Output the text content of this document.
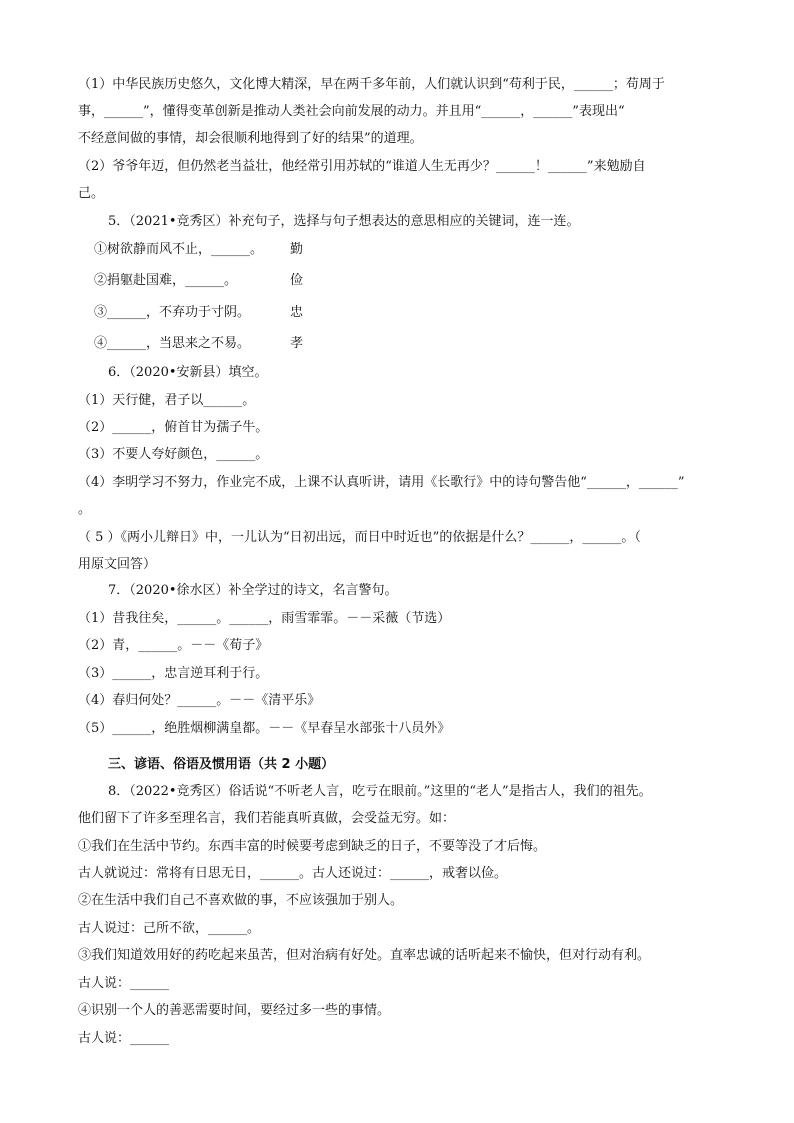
（1）中华民族历史悠久，文化博大精深，早在两千多年前，人们就认识到“苟利于民，______；苟周于
事，______”，懂得变革创新是推动人类社会向前发展的动力。并且用“______，______”表现出“
不经意间做的事情，却会很顺利地得到了好的结果”的道理。
（2）爷爷年迈，但仍然老当益壮，他经常引用苏轼的“谁道人生无再少？______！______”来勉励自
己。
5．（2021•竞秀区）补充句子，选择与句子想表达的意思相应的关键词，连一连。
①树欲静而风不止，______。 勤
②捐躯赴国难，______。	俭
③______，不弃功于寸阴。	忠
④______，当思来之不易。	孝
6．（2020•安新县）填空。
（1）天行健，君子以______。
（2）______，俯首甘为孺子牛。
（3）不要人夸好颜色，______。
（4）李明学习不努力，作业完不成，上课不认真听讲，请用《长歌行》中的诗句警告他“______，______”
。
（ 5 ）《两小儿辩日》中，一儿认为“日初出远，而日中时近也”的依据是什么？______，______。（
用原文回答）
7．（2020•徐水区）补全学过的诗文，名言警句。
（1）昔我往矣，______。______，雨雪霏霏。－－采薇（节选）
（2）青，______。－－《荀子》
（3）______，忠言逆耳利于行。
（4）春归何处？______。－－《清平乐》
（5）______，绝胜烟柳满皇都。－－《早春呈水部张十八员外》
三、谚语、俗语及惯用语（共 2 小题）
8．（2022•竞秀区）俗话说“不听老人言，吃亏在眼前。”这里的“老人”是指古人，我们的祖先。
他们留下了许多至理名言，我们若能真听真做，会受益无穷。如：
①我们在生活中节约。东西丰富的时候要考虑到缺乏的日子，不要等没了才后悔。
古人就说过：常将有日思无日，______。古人还说过：______，戒奢以俭。
②在生活中我们自己不喜欢做的事，不应该强加于别人。
古人说过：己所不欲，______。
③我们知道效用好的药吃起来虽苦，但对治病有好处。直率忠诚的话听起来不愉快，但对行动有利。
古人说：______
④识别一个人的善恶需要时间，要经过多一些的事情。
古人说：______
